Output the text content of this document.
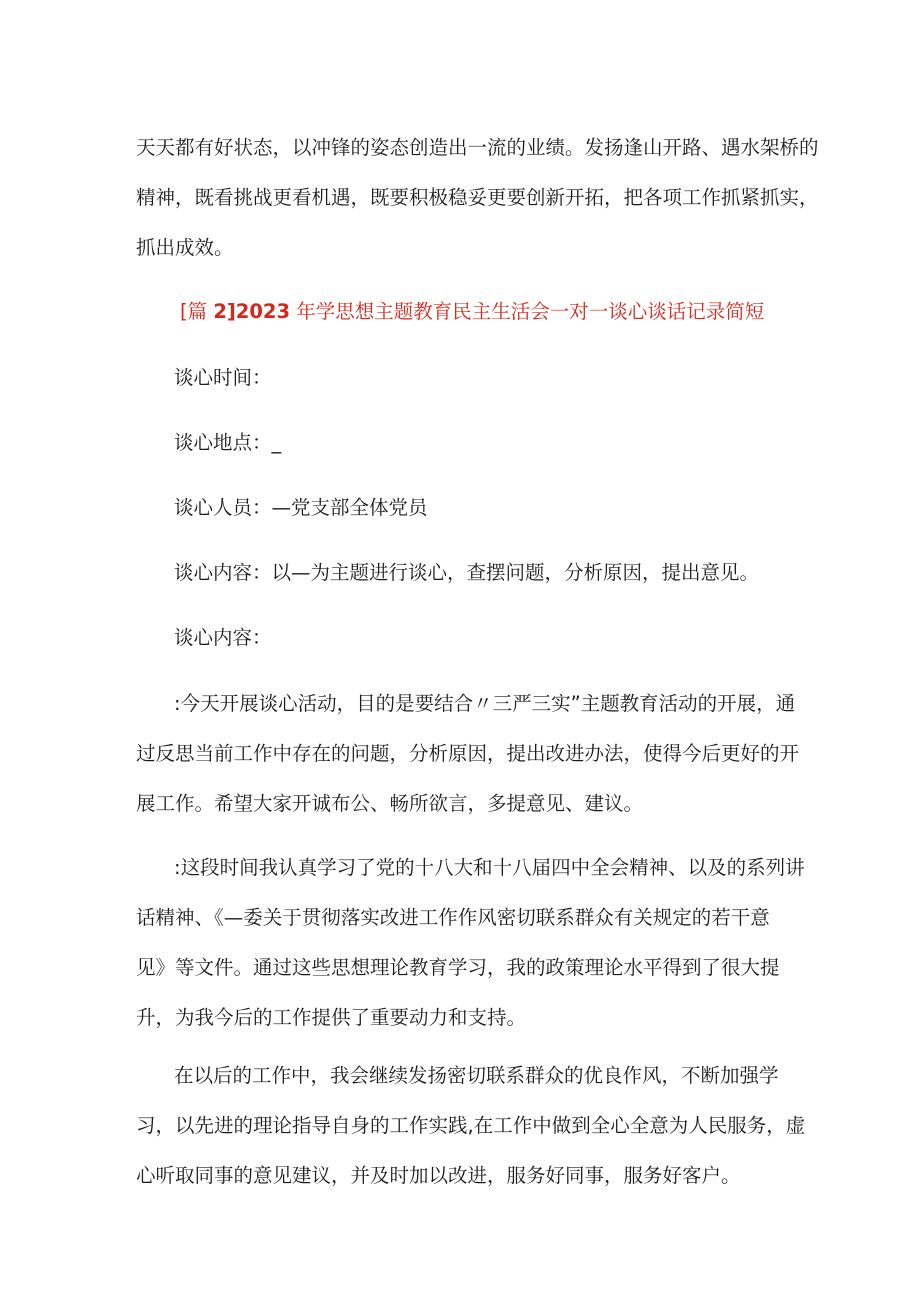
天天都有好状态，以冲锋的姿态创造出一流的业绩。发扬逢山开路、遇水架桥的
精神，既看挑战更看机遇，既要积极稳妥更要创新开拓，把各项工作抓紧抓实，
抓出成效。
[篇 2]2023 年学思想主题教育民主生活会一对一谈心谈话记录简短
谈心时间：
谈心地点：_
谈心人员：—党支部全体党员
谈心内容：以—为主题进行谈心，查摆问题，分析原因，提出意见。
谈心内容：
:今天开展谈心活动，目的是要结合〃三严三实”主题教育活动的开展，通
过反思当前工作中存在的问题，分析原因，提出改进办法，使得今后更好的开
展工作。希望大家开诚布公、畅所欲言，多提意见、建议。
:这段时间我认真学习了党的十八大和十八届四中全会精神、以及的系列讲
话精神、《—委关于贯彻落实改进工作作风密切联系群众有关规定的若干意
见》等文件。通过这些思想理论教育学习，我的政策理论水平得到了很大提
升，为我今后的工作提供了重要动力和支持。
在以后的工作中，我会继续发扬密切联系群众的优良作风，不断加强学
习，以先进的理论指导自身的工作实践,在工作中做到全心全意为人民服务，虚
心听取同事的意见建议，并及时加以改进，服务好同事，服务好客户。
